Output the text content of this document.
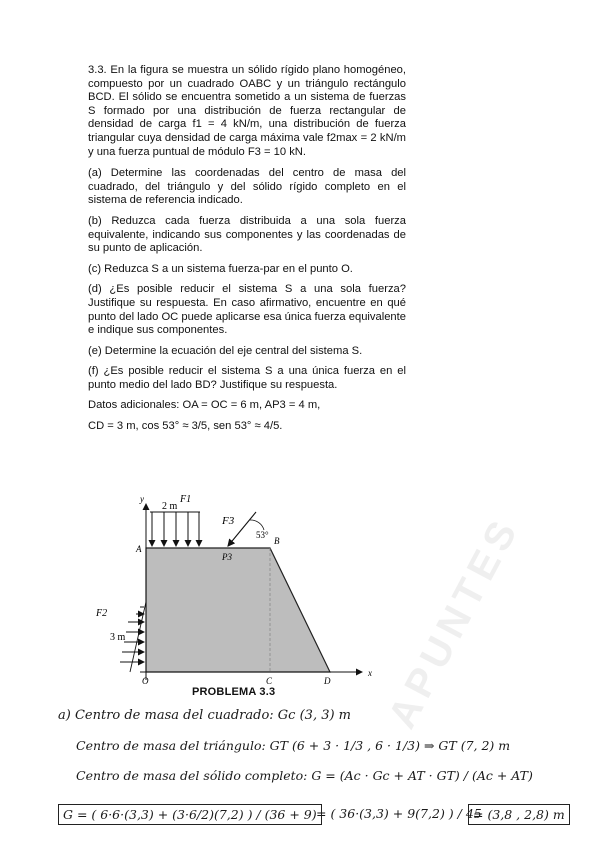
3.3. En la figura se muestra un sólido rígido plano homogéneo, compuesto por un cuadrado OABC y un triángulo rectángulo BCD. El sólido se encuentra sometido a un sistema de fuerzas S formado por una distribución de fuerza rectangular de densidad de carga f1 = 4 kN/m, una distribución de fuerza triangular cuya densidad de carga máxima vale f2max = 2 kN/m y una fuerza puntual de módulo F3 = 10 kN.

(a) Determine las coordenadas del centro de masa del cuadrado, del triángulo y del sólido rígido completo en el sistema de referencia indicado.

(b) Reduzca cada fuerza distribuida a una sola fuerza equivalente, indicando sus componentes y las coordenadas de su punto de aplicación.

(c) Reduzca S a un sistema fuerza-par en el punto O.

(d) ¿Es posible reducir el sistema S a una sola fuerza? Justifique su respuesta. En caso afirmativo, encuentre en qué punto del lado OC puede aplicarse esa única fuerza equivalente e indique sus componentes.

(e) Determine la ecuación del eje central del sistema S.

(f) ¿Es posible reducir el sistema S a una única fuerza en el punto medio del lado BD? Justifique su respuesta.

Datos adicionales: OA = OC = 6 m, AP3 = 4 m,

CD = 3 m, cos 53° ≈ 3/5, sen 53° ≈ 4/5.

2 m
F1
F2
3 m
F3
53°
A
B
P3
O	C	D
y
x
PROBLEMA 3.3	APUNTES
a) Centro de masa del cuadrado: Gc (3, 3) m
Centro de masa del triángulo: GT (6 + 3 · 1/3 , 6 · 1/3) ⇒ GT (7, 2) m
Centro de masa del sólido completo: G = (Ac · Gc + AT · GT) / (Ac + AT)
G = ( 6·6·(3,3) + (3·6/2)(7,2) ) / (36 + 9) = ( 36·(3,3) + 9(7,2) ) / 45
= (3,8 , 2,8) m
